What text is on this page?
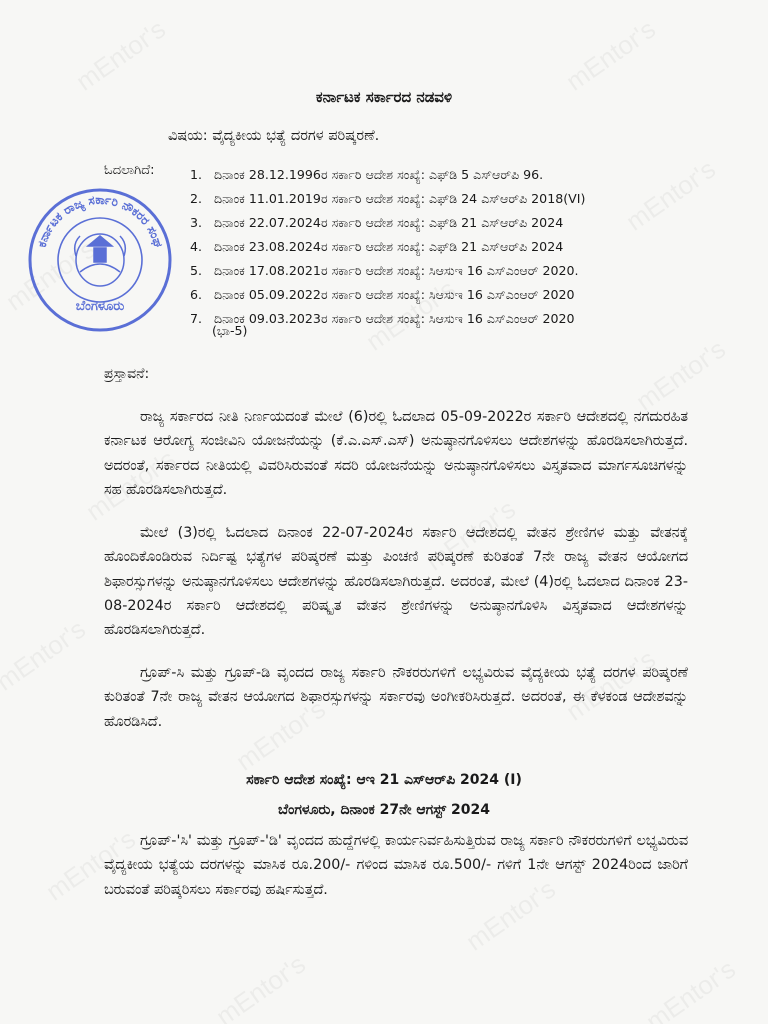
ಕರ್ನಾಟಕ ಸರ್ಕಾರದ ನಡವಳಿ
ವಿಷಯ: ವೈದ್ಯಕೀಯ ಭತ್ಯೆ ದರಗಳ ಪರಿಷ್ಕರಣೆ.
ಓದಲಾಗಿದೆ:	1. ದಿನಾಂಕ 28.12.1996ರ ಸರ್ಕಾರಿ ಆದೇಶ ಸಂಖ್ಯೆ: ಎಫ್‌ಡಿ 5 ಎಸ್‌ಆರ್‌ಪಿ 96.
2. ದಿನಾಂಕ 11.01.2019ರ ಸರ್ಕಾರಿ ಆದೇಶ ಸಂಖ್ಯೆ: ಎಫ್‌ಡಿ 24 ಎಸ್‌ಆರ್‌ಪಿ 2018(VI)
3. ದಿನಾಂಕ 22.07.2024ರ ಸರ್ಕಾರಿ ಆದೇಶ ಸಂಖ್ಯೆ: ಎಫ್‌ಡಿ 21 ಎಸ್‌ಆರ್‌ಪಿ 2024
4. ದಿನಾಂಕ 23.08.2024ರ ಸರ್ಕಾರಿ ಆದೇಶ ಸಂಖ್ಯೆ: ಎಫ್‌ಡಿ 21 ಎಸ್‌ಆರ್‌ಪಿ 2024
5. ದಿನಾಂಕ 17.08.2021ರ ಸರ್ಕಾರಿ ಆದೇಶ ಸಂಖ್ಯೆ: ಸಿಆಸುಇ 16 ಎಸ್‌ಎಂಆರ್ 2020.
6. ದಿನಾಂಕ 05.09.2022ರ ಸರ್ಕಾರಿ ಆದೇಶ ಸಂಖ್ಯೆ: ಸಿಆಸುಇ 16 ಎಸ್‌ಎಂಆರ್ 2020
7. ದಿನಾಂಕ 09.03.2023ರ ಸರ್ಕಾರಿ ಆದೇಶ ಸಂಖ್ಯೆ: ಸಿಆಸುಇ 16 ಎಸ್‌ಎಂಆರ್ 2020
(ಭಾ-5)
ಕರ್ನಾಟಕ ರಾಜ್ಯ ಸರ್ಕಾರಿ ನೌಕರರ ಸಂಘ
ಬೆಂಗಳೂರು
ಪ್ರಸ್ತಾವನೆ:

ರಾಜ್ಯ ಸರ್ಕಾರದ ನೀತಿ ನಿರ್ಣಯದಂತೆ ಮೇಲೆ (6)ರಲ್ಲಿ ಓದಲಾದ 05-09-2022ರ ಸರ್ಕಾರಿ ಆದೇಶದಲ್ಲಿ ನಗದುರಹಿತ ಕರ್ನಾಟಕ ಆರೋಗ್ಯ ಸಂಜೀವಿನಿ ಯೋಜನೆಯನ್ನು (ಕೆ.ಎ.ಎಸ್.ಎಸ್) ಅನುಷ್ಠಾನಗೊಳಿಸಲು ಆದೇಶಗಳನ್ನು ಹೊರಡಿಸಲಾಗಿರುತ್ತದೆ. ಅದರಂತೆ, ಸರ್ಕಾರದ ನೀತಿಯಲ್ಲಿ ವಿವರಿಸಿರುವಂತೆ ಸದರಿ ಯೋಜನೆಯನ್ನು ಅನುಷ್ಠಾನಗೊಳಿಸಲು ವಿಸ್ತೃತವಾದ ಮಾರ್ಗಸೂಚಿಗಳನ್ನು ಸಹ ಹೊರಡಿಸಲಾಗಿರುತ್ತದೆ.

ಮೇಲೆ (3)ರಲ್ಲಿ ಓದಲಾದ ದಿನಾಂಕ 22-07-2024ರ ಸರ್ಕಾರಿ ಆದೇಶದಲ್ಲಿ ವೇತನ ಶ್ರೇಣಿಗಳ ಮತ್ತು ವೇತನಕ್ಕೆ ಹೊಂದಿಕೊಂಡಿರುವ ನಿರ್ದಿಷ್ಟ ಭತ್ಯೆಗಳ ಪರಿಷ್ಕರಣೆ ಮತ್ತು ಪಿಂಚಣಿ ಪರಿಷ್ಕರಣೆ ಕುರಿತಂತೆ 7ನೇ ರಾಜ್ಯ ವೇತನ ಆಯೋಗದ ಶಿಫಾರಸ್ಸುಗಳನ್ನು ಅನುಷ್ಠಾನಗೊಳಿಸಲು ಆದೇಶಗಳನ್ನು ಹೊರಡಿಸಲಾಗಿರುತ್ತದೆ. ಅದರಂತೆ, ಮೇಲೆ (4)ರಲ್ಲಿ ಓದಲಾದ ದಿನಾಂಕ 23-08-2024ರ ಸರ್ಕಾರಿ ಆದೇಶದಲ್ಲಿ ಪರಿಷ್ಕೃತ ವೇತನ ಶ್ರೇಣಿಗಳನ್ನು ಅನುಷ್ಠಾನಗೊಳಿಸಿ ವಿಸ್ತೃತವಾದ ಆದೇಶಗಳನ್ನು ಹೊರಡಿಸಲಾಗಿರುತ್ತದೆ.

ಗ್ರೂಪ್-ಸಿ ಮತ್ತು ಗ್ರೂಪ್-ಡಿ ವೃಂದದ ರಾಜ್ಯ ಸರ್ಕಾರಿ ನೌಕರರುಗಳಿಗೆ ಲಭ್ಯವಿರುವ ವೈದ್ಯಕೀಯ ಭತ್ಯೆ ದರಗಳ ಪರಿಷ್ಕರಣೆ ಕುರಿತಂತೆ 7ನೇ ರಾಜ್ಯ ವೇತನ ಆಯೋಗದ ಶಿಫಾರಸ್ಸುಗಳನ್ನು ಸರ್ಕಾರವು ಅಂಗೀಕರಿಸಿರುತ್ತದೆ. ಅದರಂತೆ, ಈ ಕೆಳಕಂಡ ಆದೇಶವನ್ನು ಹೊರಡಿಸಿದೆ.

ಸರ್ಕಾರಿ ಆದೇಶ ಸಂಖ್ಯೆ: ಆಇ 21 ಎಸ್‌ಆರ್‌ಪಿ 2024 (I)
ಬೆಂಗಳೂರು, ದಿನಾಂಕ 27ನೇ ಆಗಸ್ಟ್ 2024

ಗ್ರೂಪ್-'ಸಿ' ಮತ್ತು ಗ್ರೂಪ್-'ಡಿ' ವೃಂದದ ಹುದ್ದೆಗಳಲ್ಲಿ ಕಾರ್ಯನಿರ್ವಹಿಸುತ್ತಿರುವ ರಾಜ್ಯ ಸರ್ಕಾರಿ ನೌಕರರುಗಳಿಗೆ ಲಭ್ಯವಿರುವ ವೈದ್ಯಕೀಯ ಭತ್ಯೆಯ ದರಗಳನ್ನು ಮಾಸಿಕ ರೂ.200/- ಗಳಿಂದ ಮಾಸಿಕ ರೂ.500/- ಗಳಿಗೆ 1ನೇ ಆಗಸ್ಟ್ 2024ರಿಂದ ಜಾರಿಗೆ ಬರುವಂತೆ ಪರಿಷ್ಕರಿಸಲು ಸರ್ಕಾರವು ಹರ್ಷಿಸುತ್ತದೆ.
